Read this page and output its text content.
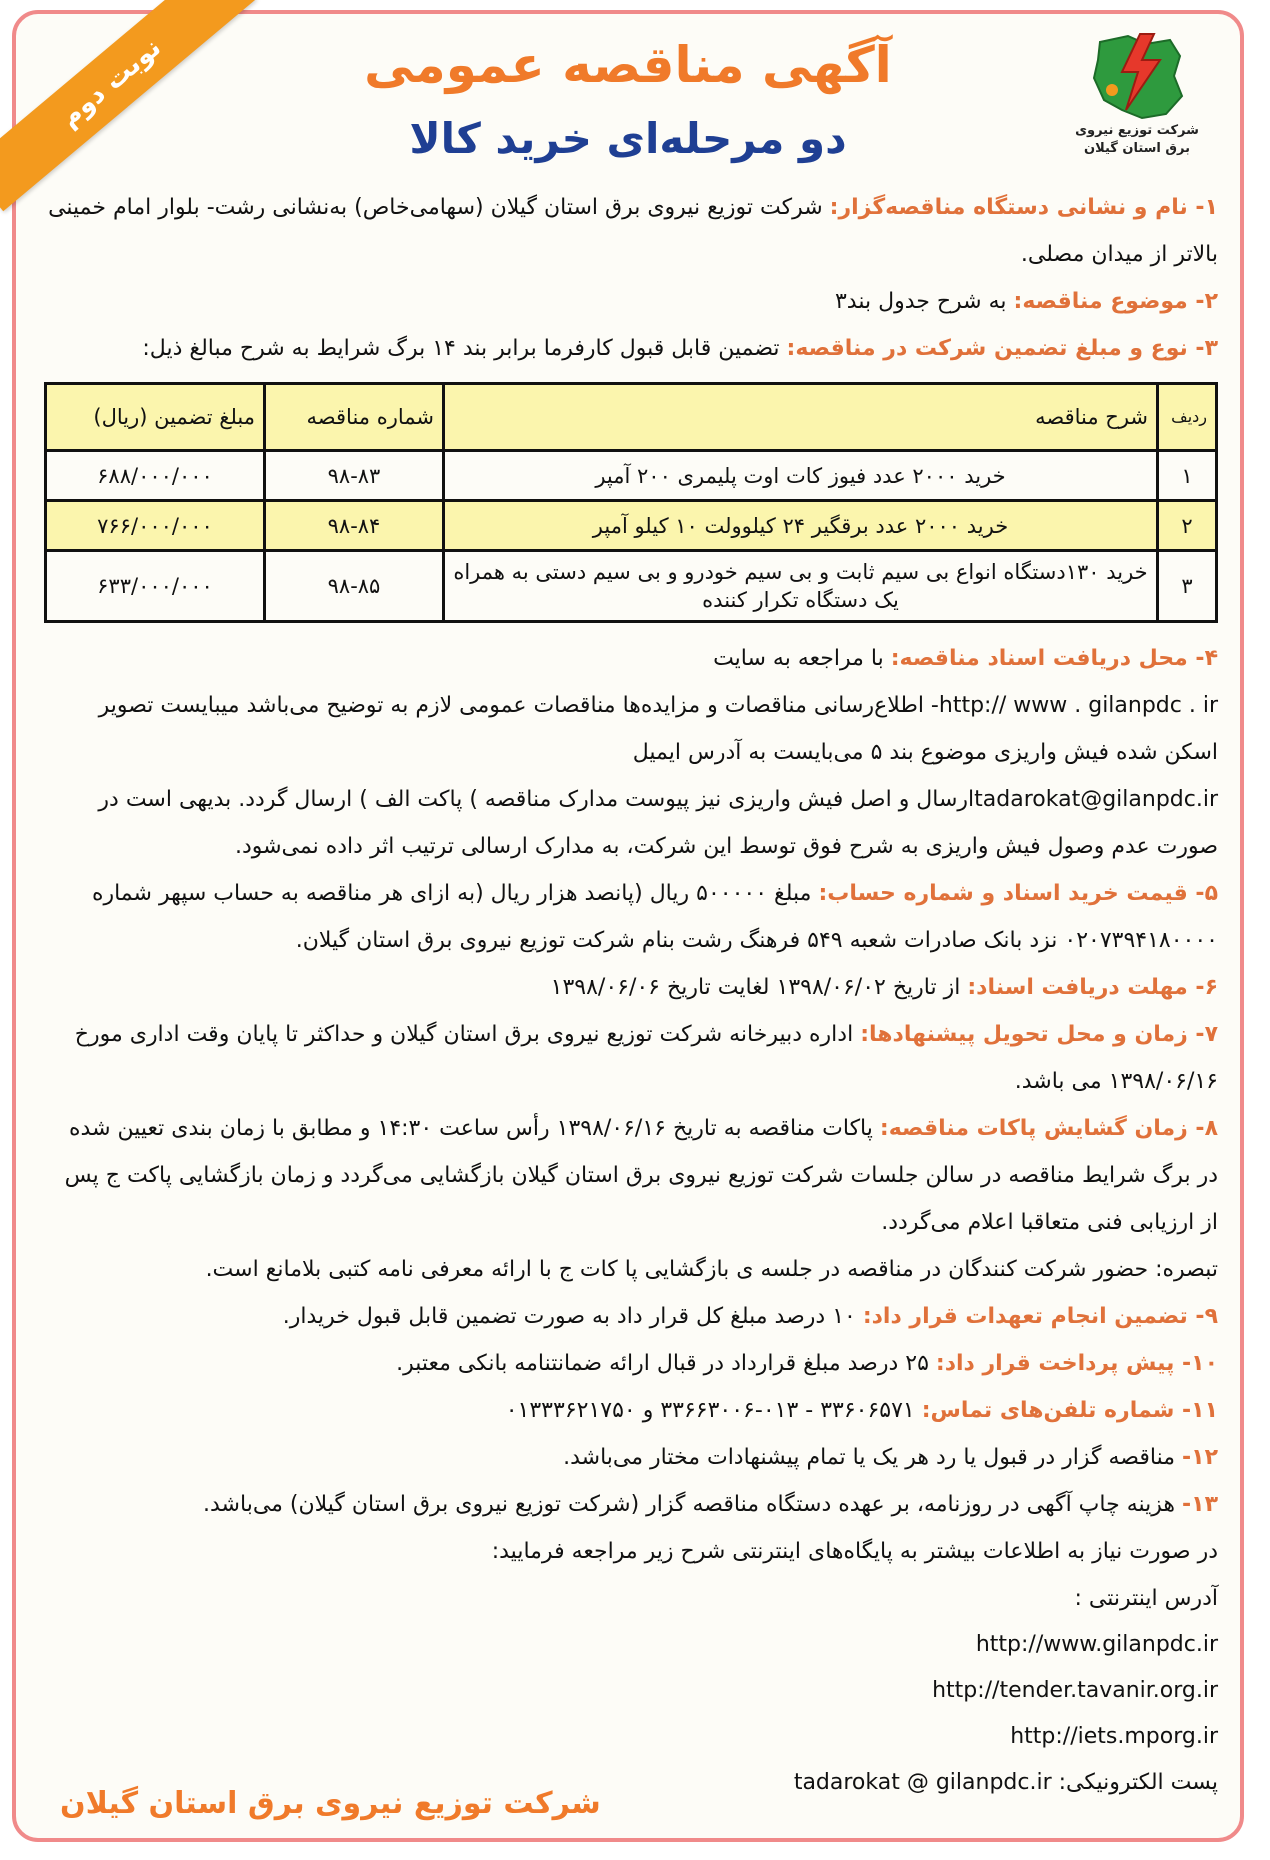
نوبت دوم	شرکت توزیع نیروی برق استان گیلان
آگهی مناقصه عمومی
دو مرحله‌ای خرید کالا

۱- نام و نشانی دستگاه مناقصه‌گزار: شرکت توزیع نیروی برق استان گیلان (سهامی‌خاص) به‌نشانی رشت- بلوار امام خمینی بالاتر از میدان مصلی.

۲- موضوع مناقصه: به شرح جدول بند۳

۳- نوع و مبلغ تضمین شرکت در مناقصه: تضمین قابل قبول کارفرما برابر بند ۱۴ برگ شرایط به شرح مبالغ ذیل:

ردیف	شرح مناقصه	شماره مناقصه	مبلغ تضمین (ریال)
۱	خرید ۲۰۰۰ عدد فیوز کات اوت پلیمری ۲۰۰ آمپر	۹۸-۸۳	۶۸۸/۰۰۰/۰۰۰
۲	خرید ۲۰۰۰ عدد برقگیر ۲۴ کیلوولت ۱۰ کیلو آمپر	۹۸-۸۴	۷۶۶/۰۰۰/۰۰۰
۳	خرید ۱۳۰دستگاه انواع بی سیم ثابت و بی سیم خودرو و بی سیم دستی به همراه یک دستگاه تکرار کننده	۹۸-۸۵	۶۳۳/۰۰۰/۰۰۰

۴- محل دریافت اسناد مناقصه: با مراجعه به سایت

http:// www . gilanpdc . ir- اطلاع‌رسانی مناقصات و مزایده‌ها مناقصات عمومی لازم به توضیح می‌باشد میبایست تصویر اسکن شده فیش واریزی موضوع بند ۵ می‌بایست به آدرس ایمیل

tadarokat@gilanpdc.irارسال و اصل فیش واریزی نیز پیوست مدارک مناقصه ) پاکت الف ) ارسال گردد. بدیهی است در صورت عدم وصول فیش واریزی به شرح فوق توسط این شرکت، به مدارک ارسالی ترتیب اثر داده نمی‌شود.

۵- قیمت خرید اسناد و شماره حساب: مبلغ ۵۰۰۰۰۰ ریال (پانصد هزار ریال (به ازای هر مناقصه به حساب سپهر شماره ۰۲۰۷۳۹۴۱۸۰۰۰۰ نزد بانک صادرات شعبه ۵۴۹ فرهنگ رشت بنام شرکت توزیع نیروی برق استان گیلان.

۶- مهلت دریافت اسناد: از تاریخ ۱۳۹۸/۰۶/۰۲ لغایت تاریخ ۱۳۹۸/۰۶/۰۶

۷- زمان و محل تحویل پیشنهادها: اداره دبیرخانه شرکت توزیع نیروی برق استان گیلان و حداکثر تا پایان وقت اداری مورخ ۱۳۹۸/۰۶/۱۶ می باشد.

۸- زمان گشایش پاکات مناقصه: پاکات مناقصه به تاریخ ۱۳۹۸/۰۶/۱۶ رأس ساعت ۱۴:۳۰ و مطابق با زمان بندی تعیین شده در برگ شرایط مناقصه در سالن جلسات شرکت توزیع نیروی برق استان گیلان بازگشایی می‌گردد و زمان بازگشایی پاکت ج پس از ارزیابی فنی متعاقبا اعلام می‌گردد.

تبصره: حضور شرکت کنندگان در مناقصه در جلسه ی بازگشایی پا کات ج با ارائه معرفی نامه کتبی بلامانع است.

۹- تضمین انجام تعهدات قرار داد: ۱۰ درصد مبلغ کل قرار داد به صورت تضمین قابل قبول خریدار.

۱۰- پیش پرداخت قرار داد: ۲۵ درصد مبلغ قرارداد در قبال ارائه ضمانتنامه بانکی معتبر.

۱۱- شماره تلفن‌های تماس: ۳۳۶۰۶۵۷۱ - ۰۱۳-۳۳۶۶۳۰۰۶ و ۰۱۳۳۳۶۲۱۷۵۰

۱۲- مناقصه گزار در قبول یا رد هر یک یا تمام پیشنهادات مختار می‌باشد.

۱۳- هزینه چاپ آگهی در روزنامه، بر عهده دستگاه مناقصه گزار (شرکت توزیع نیروی برق استان گیلان) می‌باشد.

در صورت نیاز به اطلاعات بیشتر به پایگاه‌های اینترنتی شرح زیر مراجعه فرمایید:

آدرس اینترنتی :

http://www.gilanpdc.ir

http://tender.tavanir.org.ir

http://iets.mporg.ir

پست الکترونیکی: tadarokat @ gilanpdc.ir

شرکت توزیع نیروی برق استان گیلان
